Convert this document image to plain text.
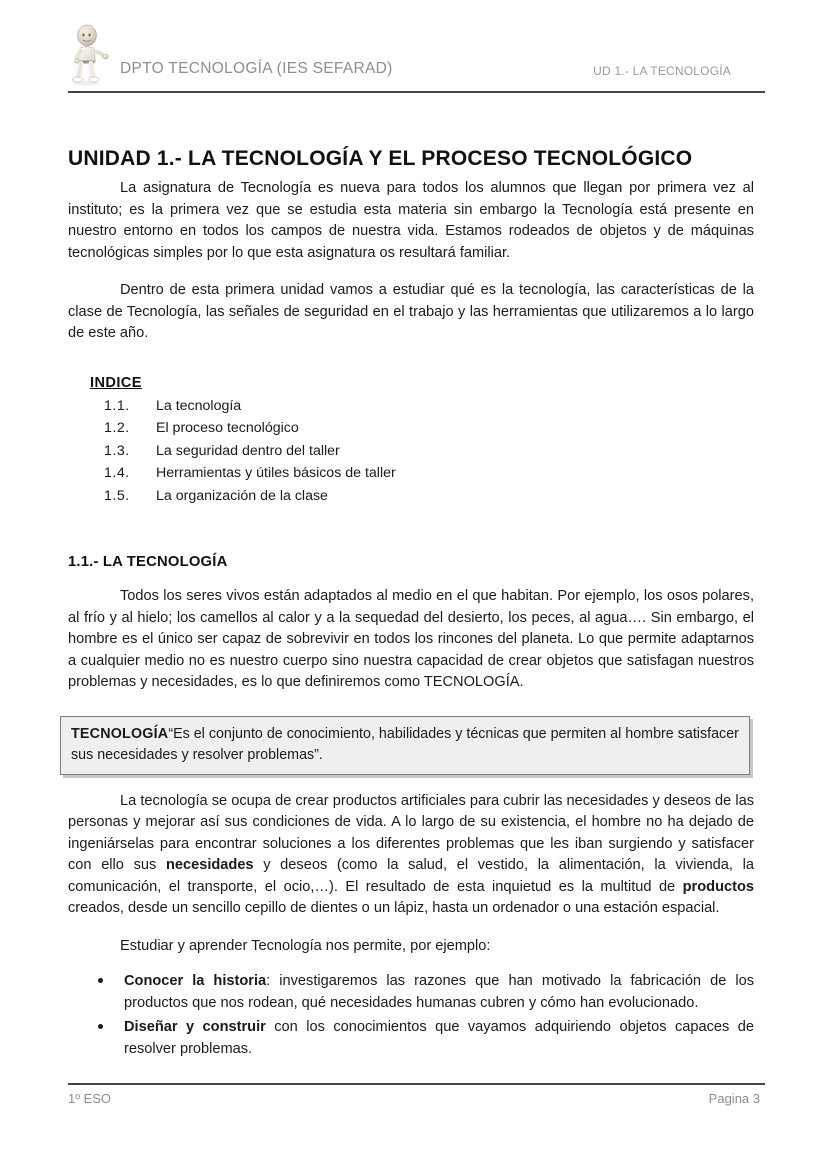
DPTO TECNOLOGÍA (IES SEFARAD)	UD 1.- LA TECNOLOGÍA
UNIDAD 1.- LA TECNOLOGÍA Y EL PROCESO TECNOLÓGICO

La asignatura de Tecnología es nueva para todos los alumnos que llegan por primera vez al instituto; es la primera vez que se estudia esta materia sin embargo la Tecnología está presente en nuestro entorno en todos los campos de nuestra vida. Estamos rodeados de objetos y de máquinas tecnológicas simples por lo que esta asignatura os resultará familiar.

Dentro de esta primera unidad vamos a estudiar qué es la tecnología, las características de la clase de Tecnología, las señales de seguridad en el trabajo y las herramientas que utilizaremos a lo largo de este año.

INDICE
1.1.	La tecnología
1.2.	El proceso tecnológico
1.3.	La seguridad dentro del taller
1.4.	Herramientas y útiles básicos de taller
1.5.	La organización de la clase
1.1.- LA TECNOLOGÍA

Todos los seres vivos están adaptados al medio en el que habitan. Por ejemplo, los osos polares, al frío y al hielo; los camellos al calor y a la sequedad del desierto, los peces, al agua…. Sin embargo, el hombre es el único ser capaz de sobrevivir en todos los rincones del planeta. Lo que permite adaptarnos a cualquier medio no es nuestro cuerpo sino nuestra capacidad de crear objetos que satisfagan nuestros problemas y necesidades, es lo que definiremos como TECNOLOGÍA.

TECNOLOGÍA“Es el conjunto de conocimiento, habilidades y técnicas que permiten al hombre satisfacer sus necesidades y resolver problemas”.

La tecnología se ocupa de crear productos artificiales para cubrir las necesidades y deseos de las personas y mejorar así sus condiciones de vida. A lo largo de su existencia, el hombre no ha dejado de ingeniárselas para encontrar soluciones a los diferentes problemas que les iban surgiendo y satisfacer con ello sus necesidades y deseos (como la salud, el vestido, la alimentación, la vivienda, la comunicación, el transporte, el ocio,…). El resultado de esta inquietud es la multitud de productos creados, desde un sencillo cepillo de dientes o un lápiz, hasta un ordenador o una estación espacial.

Estudiar y aprender Tecnología nos permite, por ejemplo:

Conocer la historia: investigaremos las razones que han motivado la fabricación de los productos que nos rodean, qué necesidades humanas cubren y cómo han evolucionado.
Diseñar y construir con los conocimientos que vayamos adquiriendo objetos capaces de resolver problemas.
1º ESO	Pagina 3
